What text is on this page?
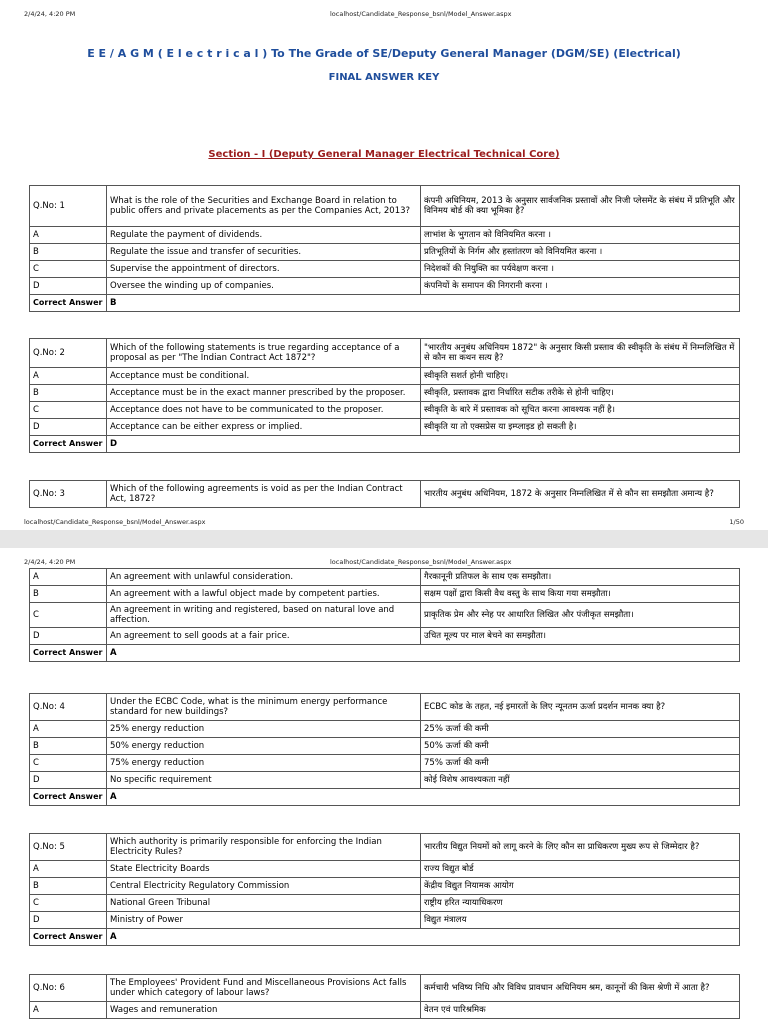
2/4/24, 4:20 PM	localhost/Candidate_Response_bsnl/Model_Answer.aspx
E E / A G M ( E l e c t r i c a l ) To The Grade of SE/Deputy General Manager (DGM/SE) (Electrical)
FINAL ANSWER KEY
Section - I (Deputy General Manager Electrical Technical Core)
Q.No: 1	What is the role of the Securities and Exchange Board in relation to public offers and private placements as per the Companies Act, 2013?	कंपनी अधिनियम, 2013 के अनुसार सार्वजनिक प्रस्तावों और निजी प्लेसमेंट के संबंध में प्रतिभूति और विनिमय बोर्ड की क्या भूमिका है?
A	Regulate the payment of dividends.	लाभांश के भुगतान को विनियमित करना ।
B	Regulate the issue and transfer of securities.	प्रतिभूतियों के निर्गम और हस्तांतरण को विनियमित करना ।
C	Supervise the appointment of directors.	निदेशकों की नियुक्ति का पर्यवेक्षण करना ।
D	Oversee the winding up of companies.	कंपनियों के समापन की निगरानी करना ।
Correct Answer	B	
Q.No: 2	Which of the following statements is true regarding acceptance of a proposal as per "The Indian Contract Act 1872"?	"भारतीय अनुबंध अधिनियम 1872" के अनुसार किसी प्रस्ताव की स्वीकृति के संबंध में निम्नलिखित में से कौन सा कथन सत्य है?
A	Acceptance must be conditional.	स्वीकृति सशर्त होनी चाहिए।
B	Acceptance must be in the exact manner prescribed by the proposer.	स्वीकृति, प्रस्तावक द्वारा निर्धारित सटीक तरीके से होनी चाहिए।
C	Acceptance does not have to be communicated to the proposer.	स्वीकृति के बारे में प्रस्तावक को सूचित करना आवश्यक नहीं है।
D	Acceptance can be either express or implied.	स्वीकृति या तो एक्सप्रेस या इम्प्लाइड हो सकती है।
Correct Answer	D	
Q.No: 3	Which of the following agreements is void as per the Indian Contract Act, 1872?	भारतीय अनुबंध अधिनियम, 1872 के अनुसार निम्नलिखित में से कौन सा समझौता अमान्य है?
localhost/Candidate_Response_bsnl/Model_Answer.aspx	1/50
2/4/24, 4:20 PM	localhost/Candidate_Response_bsnl/Model_Answer.aspx
A	An agreement with unlawful consideration.	गैरकानूनी प्रतिफल के साथ एक समझौता।
B	An agreement with a lawful object made by competent parties.	सक्षम पक्षों द्वारा किसी वैध वस्तु के साथ किया गया समझौता।
C	An agreement in writing and registered, based on natural love and affection.	प्राकृतिक प्रेम और स्नेह पर आधारित लिखित और पंजीकृत समझौता।
D	An agreement to sell goods at a fair price.	उचित मूल्य पर माल बेचने का समझौता।
Correct Answer	A	
Q.No: 4	Under the ECBC Code, what is the minimum energy performance standard for new buildings?	ECBC कोड के तहत, नई इमारतों के लिए न्यूनतम ऊर्जा प्रदर्शन मानक क्या है?
A	25% energy reduction	25% ऊर्जा की कमी
B	50% energy reduction	50% ऊर्जा की कमी
C	75% energy reduction	75% ऊर्जा की कमी
D	No specific requirement	कोई विशेष आवश्यकता नहीं
Correct Answer	A	
Q.No: 5	Which authority is primarily responsible for enforcing the Indian Electricity Rules?	भारतीय विद्युत नियमों को लागू करने के लिए कौन सा प्राधिकरण मुख्य रूप से जिम्मेदार है?
A	State Electricity Boards	राज्य विद्युत बोर्ड
B	Central Electricity Regulatory Commission	केंद्रीय विद्युत नियामक आयोग
C	National Green Tribunal	राष्ट्रीय हरित न्यायाधिकरण
D	Ministry of Power	विद्युत मंत्रालय
Correct Answer	A	
Q.No: 6	The Employees' Provident Fund and Miscellaneous Provisions Act falls under which category of labour laws?	कर्मचारी भविष्य निधि और विविध प्रावधान अधिनियम श्रम, कानूनों की किस श्रेणी में आता है?
A	Wages and remuneration	वेतन एवं पारिश्रमिक
